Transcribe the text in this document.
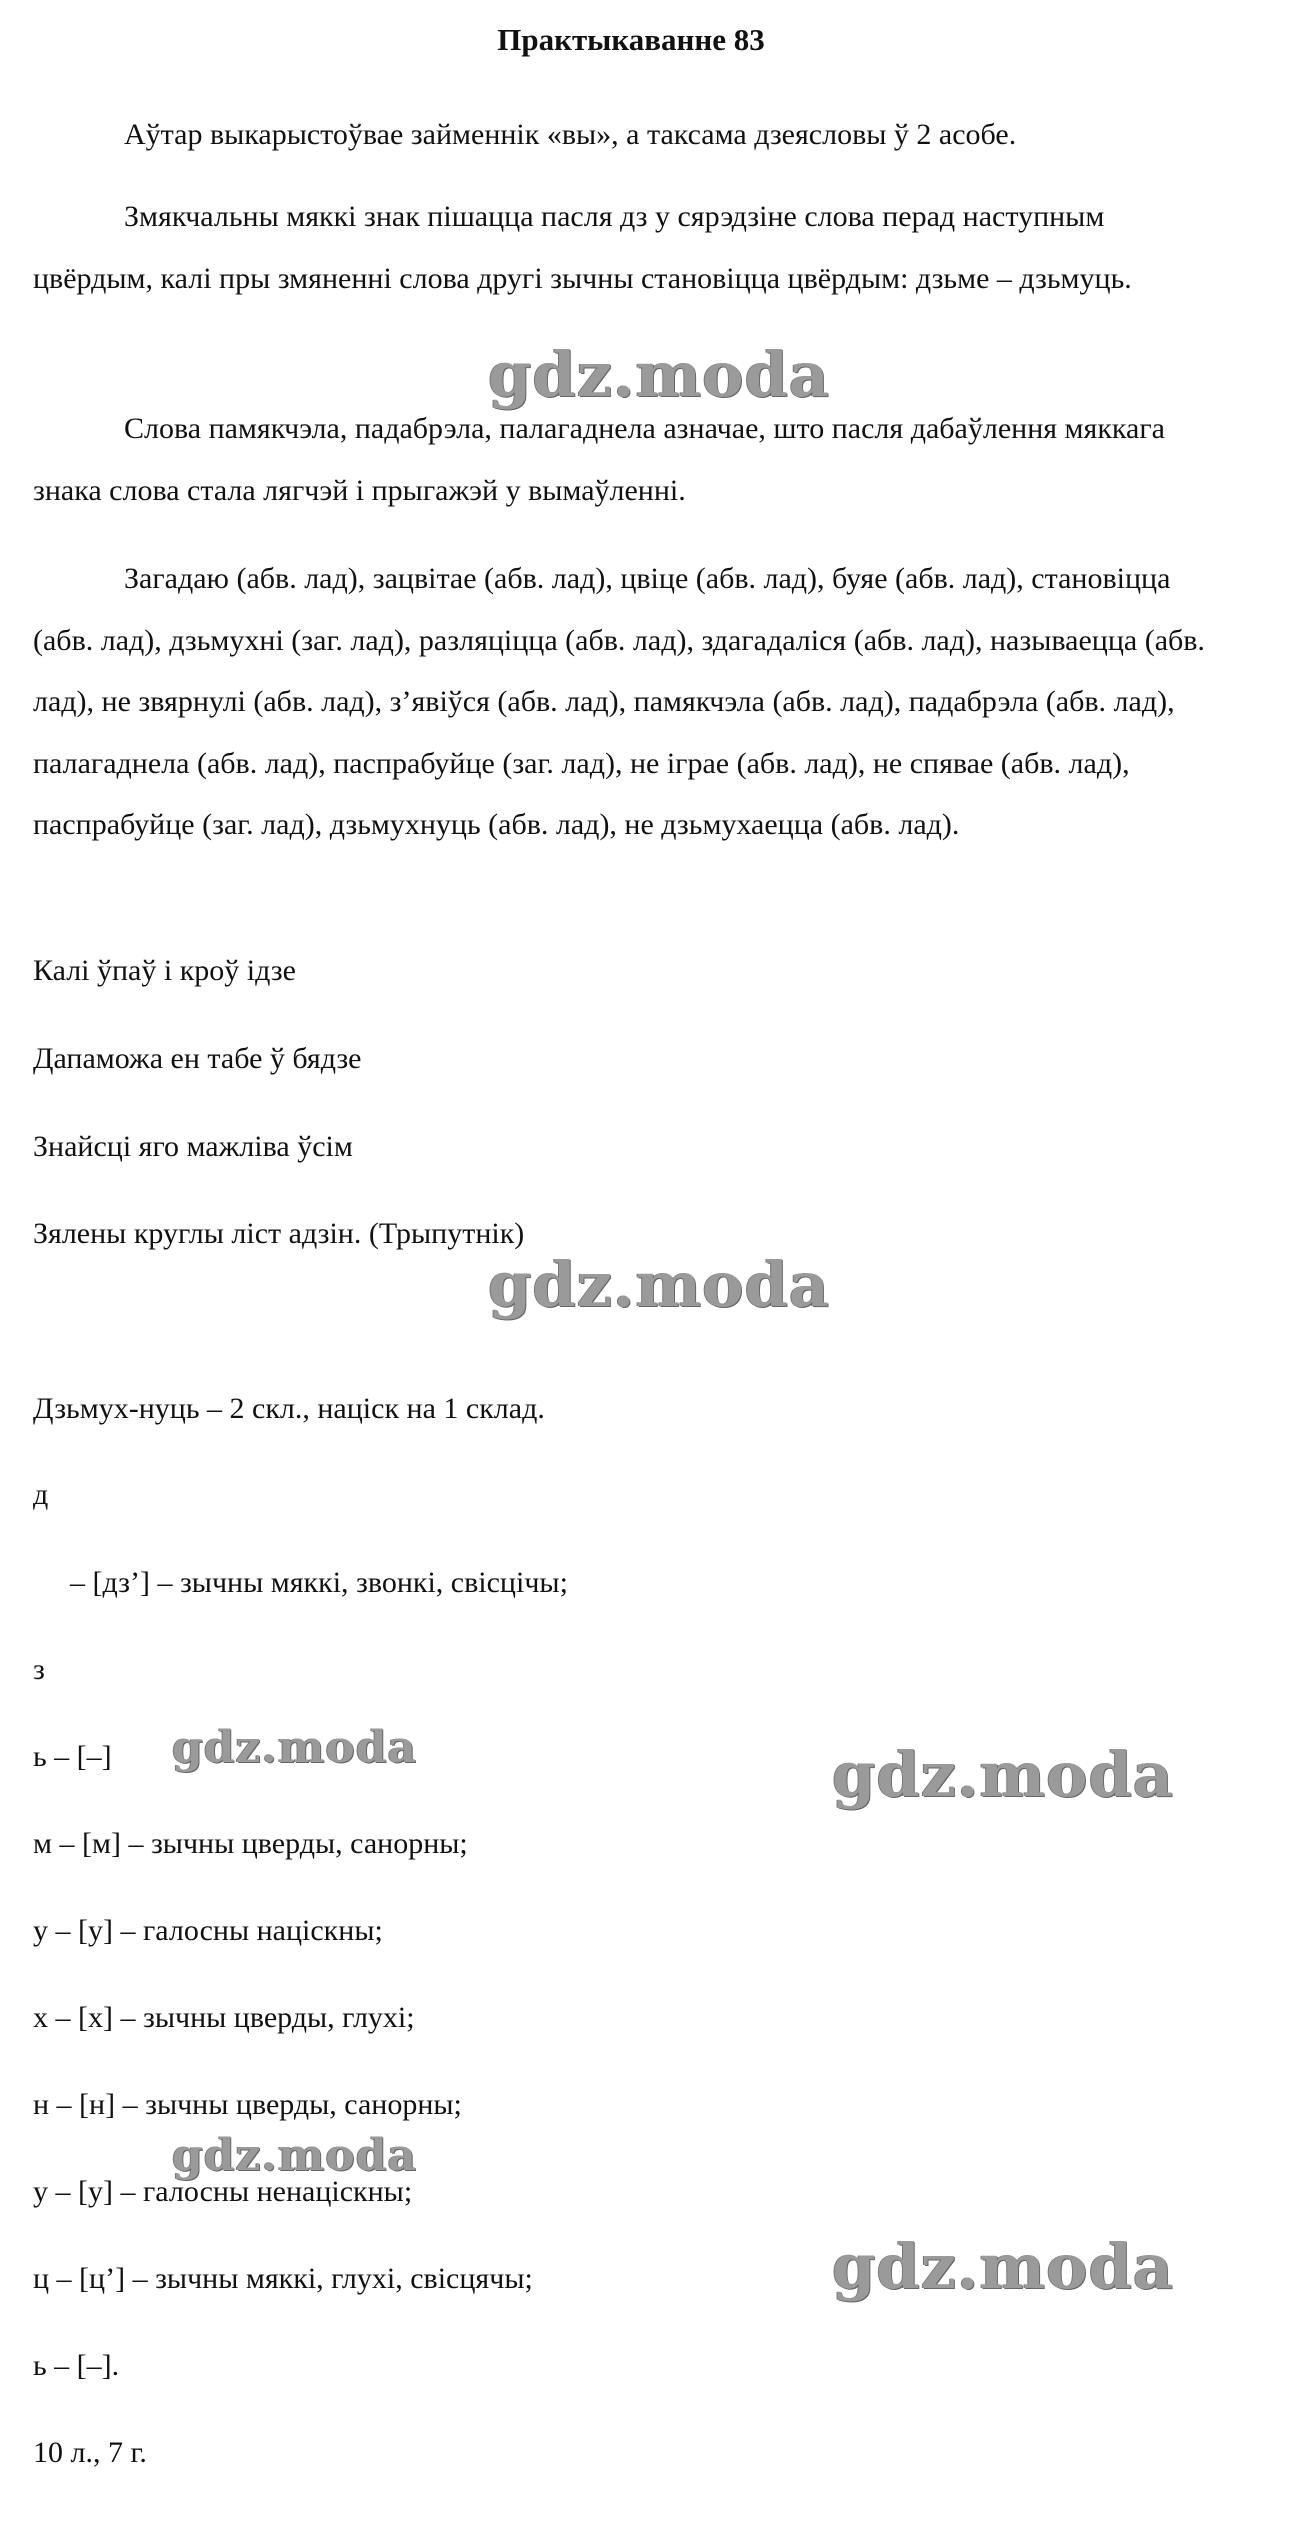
Практыкаванне 83
Аўтар выкарыстоўвае займеннік «вы», а таксама дзеясловы ў 2 асобе.
Змякчальны мяккі знак пішацца пасля дз у сярэдзіне слова перад наступным цвёрдым, калі пры змяненні слова другі зычны становіцца цвёрдым: дзьме – дзьмуць.
Слова памякчэла, падабрэла, палагаднела азначае, што пасля дабаўлення мяккага знака слова стала лягчэй і прыгажэй у вымаўленні.
Загадаю (абв. лад), зацвітае (абв. лад), цвіце (абв. лад), буяе (абв. лад), становіцца (абв. лад), дзьмухні (заг. лад), разляціцца (абв. лад), здагадаліся (абв. лад), называецца (абв. лад), не звярнулі (абв. лад), з’явіўся (абв. лад), памякчэла (абв. лад), падабрэла (абв. лад), палагаднела (абв. лад), паспрабуйце (заг. лад), не іграе (абв. лад), не спявае (абв. лад), паспрабуйце (заг. лад), дзьмухнуць (абв. лад), не дзьмухаецца (абв. лад).
Калі ўпаў і кроў ідзе
Дапаможа ен табе ў бядзе
Знайсці яго мажліва ўсім
Зялены круглы ліст адзін. (Трыпутнік)
Дзьмух-нуць – 2 скл., націск на 1 склад.
д
– [дз’] – зычны мяккі, звонкі, свісцічы;
з
ь – [–]
м – [м] – зычны цверды, санорны;
у – [у] – галосны націскны;
х – [х] – зычны цверды, глухі;
н – [н] – зычны цверды, санорны;
у – [у] – галосны ненаціскны;
ц – [ц’] – зычны мяккі, глухі, свісцячы;
ь – [–].
10 л., 7 г.
gdz.moda
gdz.moda
gdz.moda	gdz.moda
gdz.moda
gdz.moda
